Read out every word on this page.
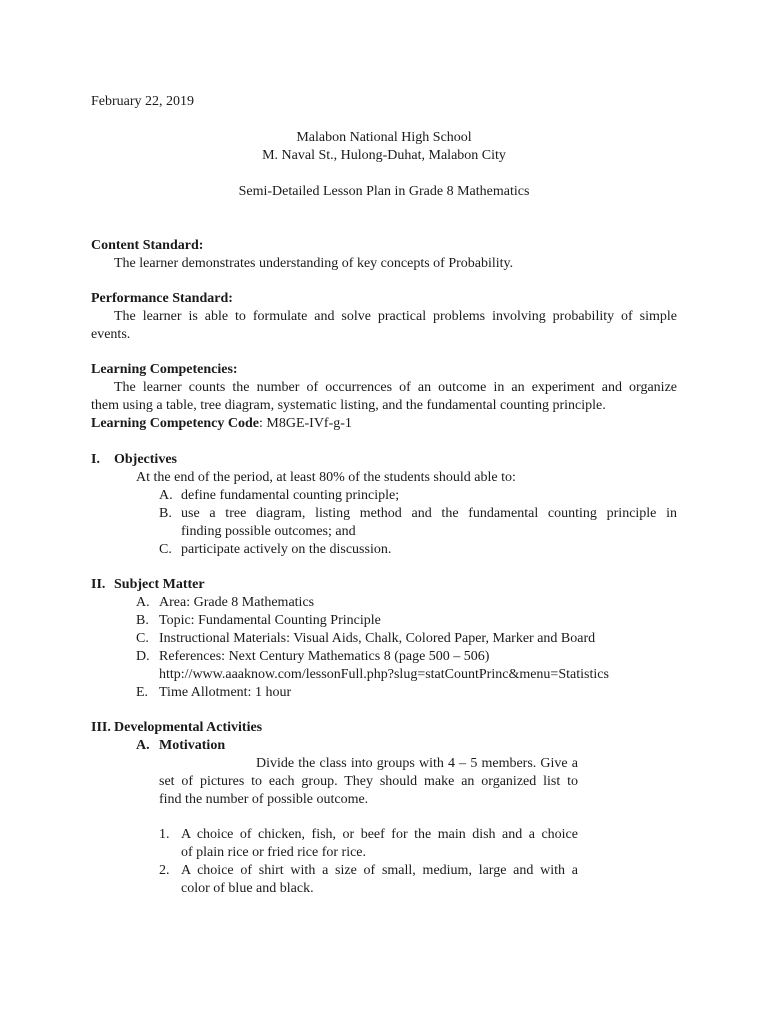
February 22, 2019
Malabon National High School
M. Naval St., Hulong-Duhat, Malabon City
Semi-Detailed Lesson Plan in Grade 8 Mathematics
Content Standard:
The learner demonstrates understanding of key concepts of Probability.
Performance Standard:
The learner is able to formulate and solve practical problems involving probability of simple
events.
Learning Competencies:
The learner counts the number of occurrences of an outcome in an experiment and organize
them using a table, tree diagram, systematic listing, and the fundamental counting principle.
Learning Competency Code: M8GE-IVf-g-1
I. Objectives
At the end of the period, at least 80% of the students should able to:
A. define fundamental counting principle;
B. use a tree diagram, listing method and the fundamental counting principle in
finding possible outcomes; and
C. participate actively on the discussion.
II. Subject Matter
A. Area: Grade 8 Mathematics
B. Topic: Fundamental Counting Principle
C. Instructional Materials: Visual Aids, Chalk, Colored Paper, Marker and Board
D. References: Next Century Mathematics 8 (page 500 – 506)
http://www.aaaknow.com/lessonFull.php?slug=statCountPrinc&menu=Statistics
E. Time Allotment: 1 hour
III. Developmental Activities
A. Motivation
Divide the class into groups with 4 – 5 members. Give a
set of pictures to each group. They should make an organized list to
find the number of possible outcome.
1. A choice of chicken, fish, or beef for the main dish and a choice
of plain rice or fried rice for rice.
2. A choice of shirt with a size of small, medium, large and with a
color of blue and black.
